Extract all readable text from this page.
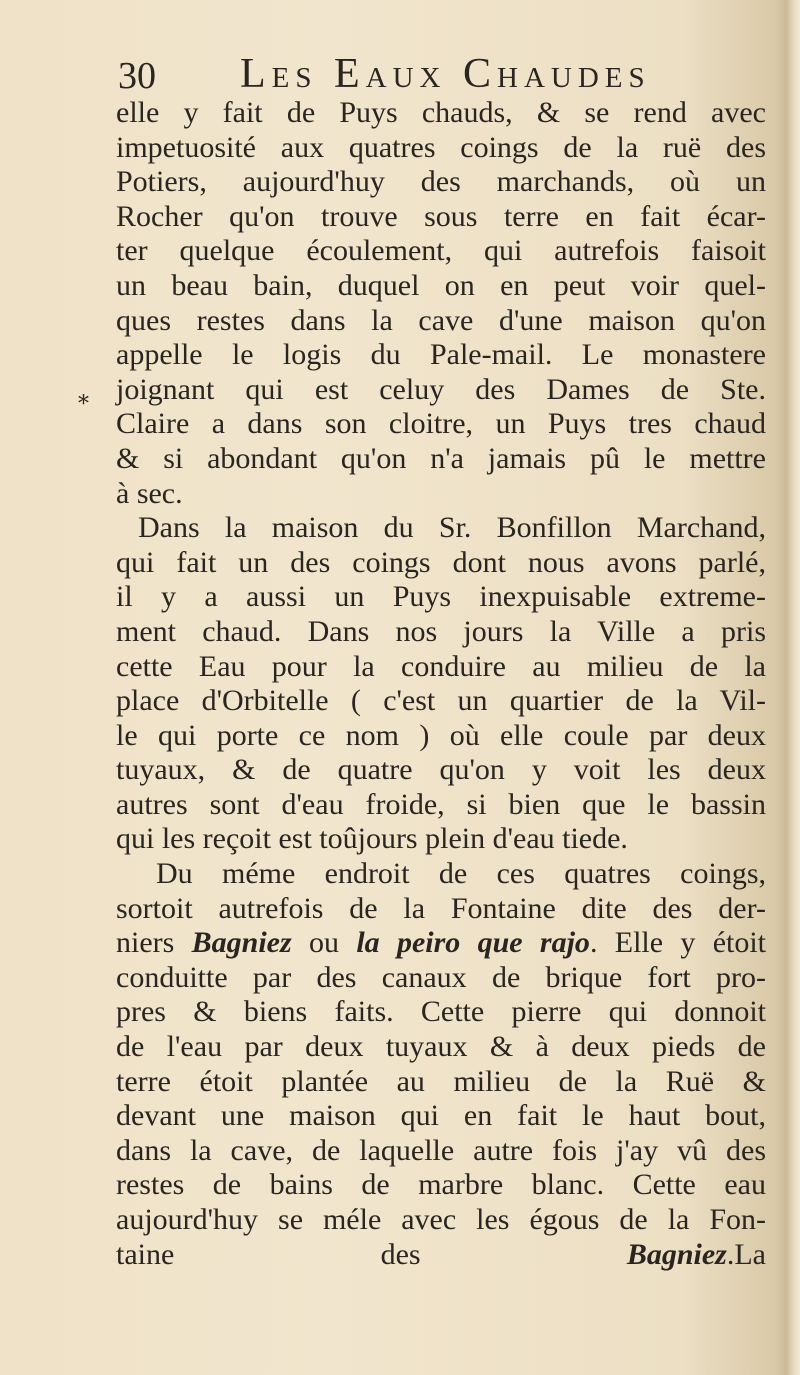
30 Les Eaux Chaudes
*
elle y fait de Puys chauds, & se rend avec
impetuosité aux quatres coings de la ruë des
Potiers, aujourd'huy des marchands, où un
Rocher qu'on trouve sous terre en fait écar-
ter quelque écoulement, qui autrefois faisoit
un beau bain, duquel on en peut voir quel-
ques restes dans la cave d'une maison qu'on
appelle le logis du Pale-mail. Le monastere
joignant qui est celuy des Dames de Ste.
Claire a dans son cloitre, un Puys tres chaud
& si abondant qu'on n'a jamais pû le mettre
à sec.
Dans la maison du Sr. Bonfillon Marchand,
qui fait un des coings dont nous avons parlé,
il y a aussi un Puys inexpuisable extreme-
ment chaud. Dans nos jours la Ville a pris
cette Eau pour la conduire au milieu de la
place d'Orbitelle ( c'est un quartier de la Vil-
le qui porte ce nom ) où elle coule par deux
tuyaux, & de quatre qu'on y voit les deux
autres sont d'eau froide, si bien que le bassin
qui les reçoit est toûjours plein d'eau tiede.
Du méme endroit de ces quatres coings,
sortoit autrefois de la Fontaine dite des der-
niers Bagniez ou la peiro que rajo. Elle y étoit
conduitte par des canaux de brique fort pro-
pres & biens faits. Cette pierre qui donnoit
de l'eau par deux tuyaux & à deux pieds de
terre étoit plantée au milieu de la Ruë &
devant une maison qui en fait le haut bout,
dans la cave, de laquelle autre fois j'ay vû des
restes de bains de marbre blanc. Cette eau
aujourd'huy se méle avec les égous de la Fon-
taine des Bagniez. La
